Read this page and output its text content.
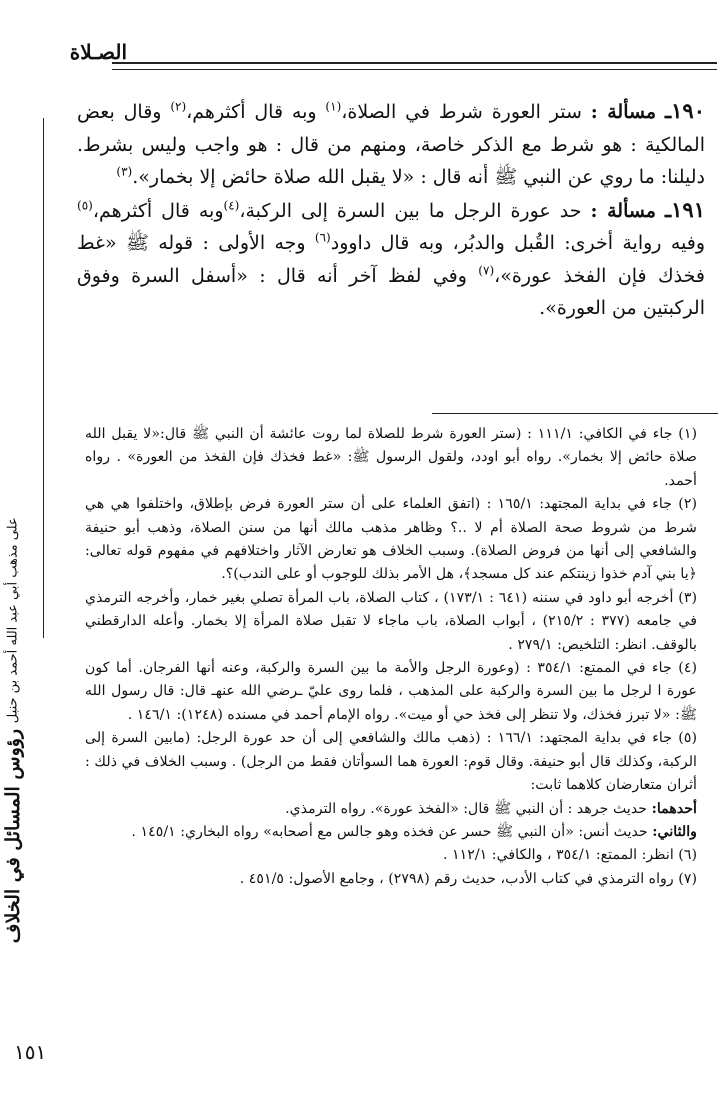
الصـلاة
رؤوس المسائل في الخلاف
على مذهب أبي عبد الله أحمد بن حنبل

١٩٠ـ مسألة : ستر العورة شرط في الصلاة،$^{(١)}$ وبه قال أكثرهم،$^{(٢)}$ وقال بعض المالكية : هو شرط مع الذكر خاصة، ومنهم من قال : هو واجب وليس بشرط. دليلنا: ما روي عن النبي ﷺ أنه قال : «لا يقبل الله صلاة حائض إلا بخمار».$^{(٣)}$

١٩١ـ مسألة : حد عورة الرجل ما بين السرة إلى الركبة،$^{(٤)}$وبه قال أكثرهم،$^{(٥)}$ وفيه رواية أخرى: القُبل والدبُر، وبه قال داوود$^{(٦)}$ وجه الأولى : قوله ﷺ «غط فخذك فإن الفخذ عورة»،$^{(٧)}$ وفي لفظ آخر أنه قال : «أسفل السرة وفوق الركبتين من العورة».

(١) جاء في الكافي: ١١١/١ : (ستر العورة شرط للصلاة لما روت عائشة أن النبي ﷺ قال:«لا يقبل الله صلاة حائض إلا بخمار». رواه أبو اودد، ولقول الرسول ﷺ: «غط فخذك فإن الفخذ من العورة» . رواه أحمد.

(٢) جاء في بداية المجتهد: ١٦٥/١ : (اتفق العلماء على أن ستر العورة فرض بإطلاق، واختلفوا هي هي شرط من شروط صحة الصلاة أم لا ..؟ وظاهر مذهب مالك أنها من سنن الصلاة، وذهب أبو حنيفة والشافعي إلى أنها من فروض الصلاة). وسبب الخلاف هو تعارض الآثار واختلافهم في مفهوم قوله تعالى: ﴿يا بني آدم خذوا زينتكم عند كل مسجد﴾، هل الأمر بذلك للوجوب أو على الندب)؟.

(٣) أخرجه أبو داود في سننه (٦٤١ : ١٧٣/١) ، كتاب الصلاة، باب المرأة تصلي بغير خمار، وأخرجه الترمذي في جامعه (٣٧٧ : ٢١٥/٢) ، أبواب الصلاة، باب ماجاء لا تقبل صلاة المرأة إلا بخمار. وأعله الدارقطني بالوقف. انظر: التلخيص: ٢٧٩/١ .

(٤) جاء في الممتع: ٣٥٤/١ : (وعورة الرجل والأمة ما بين السرة والركبة، وعنه أنها الفرجان. أما كون عورة ا لرجل ما بين السرة والركبة على المذهب ، فلما روى عليّ ـرضي الله عنهـ قال: قال رسول الله ﷺ: «لا تبرز فخذك، ولا تنظر إلى فخذ حي أو ميت». رواه الإمام أحمد في مسنده (١٢٤٨): ١٤٦/١ .

(٥) جاء في بداية المجتهد: ١٦٦/١ : (ذهب مالك والشافعي إلى أن حد عورة الرجل: (مابين السرة إلى الركبة، وكذلك قال أبو حنيفة. وقال قوم: العورة هما السوأتان فقط من الرجل) . وسبب الخلاف في ذلك : أثران متعارضان كلاهما ثابت:

أحدهما: حديث جرهد : أن النبي ﷺ قال: «الفخذ عورة». رواه الترمذي.

والثاني: حديث أنس: «أن النبي ﷺ حسر عن فخذه وهو جالس مع أصحابه» رواه البخاري: ١٤٥/١ .

(٦) انظر: الممتع: ٣٥٤/١ ، والكافي: ١١٢/١ .

(٧) رواه الترمذي في كتاب الأدب، حديث رقم (٢٧٩٨) ، وجامع الأصول: ٤٥١/٥ .

١٥١
